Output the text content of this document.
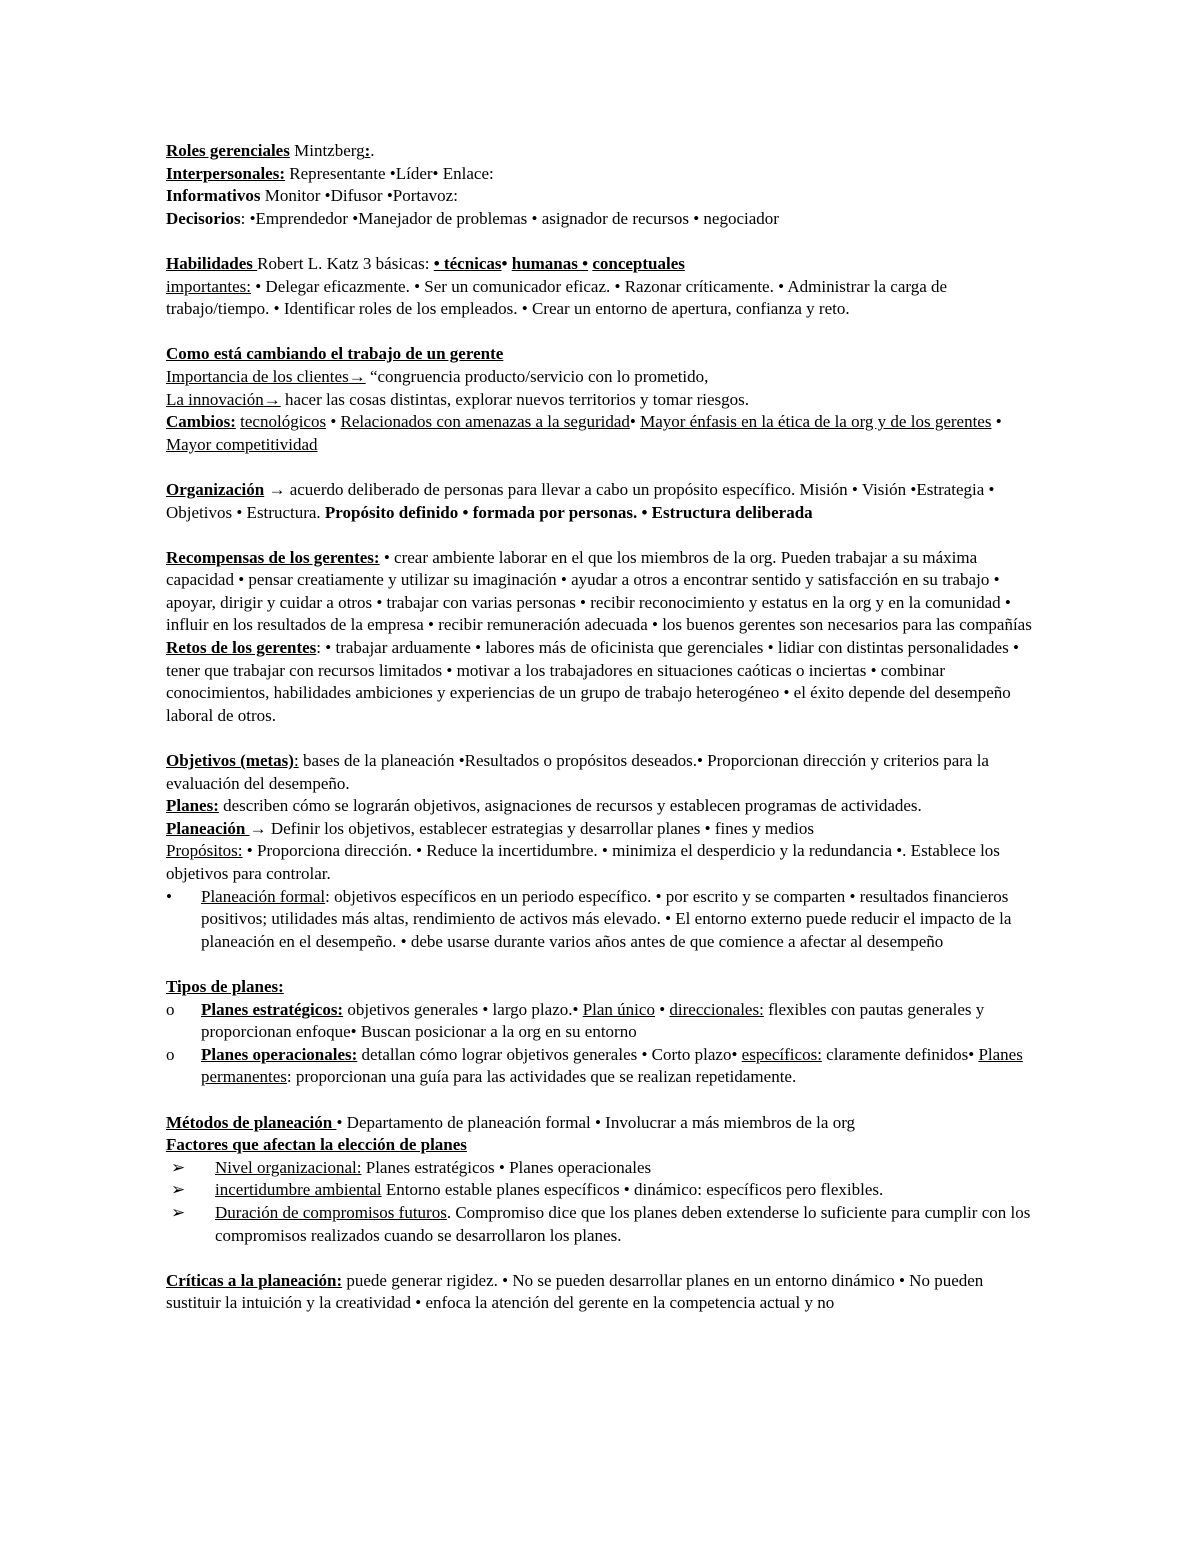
Roles gerenciales Mintzberg:.

Interpersonales: Representante •Líder• Enlace:

Informativos Monitor •Difusor •Portavoz:

Decisorios: •Emprendedor •Manejador de problemas • asignador de recursos • negociador

Habilidades Robert L. Katz 3 básicas: • técnicas• humanas • conceptuales

importantes: • Delegar eficazmente. • Ser un comunicador eficaz. • Razonar críticamente. • Administrar la carga de trabajo/tiempo. • Identificar roles de los empleados. • Crear un entorno de apertura, confianza y reto.

Como está cambiando el trabajo de un gerente

Importancia de los clientes→ “congruencia producto/servicio con lo prometido,

La innovación→ hacer las cosas distintas, explorar nuevos territorios y tomar riesgos.

Cambios: tecnológicos • Relacionados con amenazas a la seguridad• Mayor énfasis en la ética de la org y de los gerentes • Mayor competitividad

Organización → acuerdo deliberado de personas para llevar a cabo un propósito específico. Misión • Visión •Estrategia • Objetivos • Estructura. Propósito definido • formada por personas. • Estructura deliberada

Recompensas de los gerentes: • crear ambiente laborar en el que los miembros de la org. Pueden trabajar a su máxima capacidad • pensar creatiamente y utilizar su imaginación • ayudar a otros a encontrar sentido y satisfacción en su trabajo • apoyar, dirigir y cuidar a otros • trabajar con varias personas • recibir reconocimiento y estatus en la org y en la comunidad • influir en los resultados de la empresa • recibir remuneración adecuada • los buenos gerentes son necesarios para las compañías

Retos de los gerentes: • trabajar arduamente • labores más de oficinista que gerenciales • lidiar con distintas personalidades • tener que trabajar con recursos limitados • motivar a los trabajadores en situaciones caóticas o inciertas • combinar conocimientos, habilidades ambiciones y experiencias de un grupo de trabajo heterogéneo • el éxito depende del desempeño laboral de otros.

Objetivos (metas): bases de la planeación •Resultados o propósitos deseados.• Proporcionan dirección y criterios para la evaluación del desempeño.

Planes: describen cómo se lograrán objetivos, asignaciones de recursos y establecen programas de actividades.

Planeación → Definir los objetivos, establecer estrategias y desarrollar planes • fines y medios

Propósitos: • Proporciona dirección. • Reduce la incertidumbre. • minimiza el desperdicio y la redundancia •. Establece los objetivos para controlar.

• Planeación formal: objetivos específicos en un periodo específico. • por escrito y se comparten • resultados financieros positivos; utilidades más altas, rendimiento de activos más elevado. • El entorno externo puede reducir el impacto de la planeación en el desempeño. • debe usarse durante varios años antes de que comience a afectar al desempeño

Tipos de planes:

o Planes estratégicos: objetivos generales • largo plazo.• Plan único • direccionales: flexibles con pautas generales y proporcionan enfoque• Buscan posicionar a la org en su entorno
o Planes operacionales: detallan cómo lograr objetivos generales • Corto plazo• específicos: claramente definidos• Planes permanentes: proporcionan una guía para las actividades que se realizan repetidamente.

Métodos de planeación • Departamento de planeación formal • Involucrar a más miembros de la org

Factores que afectan la elección de planes

➢ Nivel organizacional: Planes estratégicos • Planes operacionales
➢ incertidumbre ambiental Entorno estable planes específicos • dinámico: específicos pero flexibles.
➢ Duración de compromisos futuros. Compromiso dice que los planes deben extenderse lo suficiente para cumplir con los compromisos realizados cuando se desarrollaron los planes.

Críticas a la planeación: puede generar rigidez. • No se pueden desarrollar planes en un entorno dinámico • No pueden sustituir la intuición y la creatividad • enfoca la atención del gerente en la competencia actual y no
